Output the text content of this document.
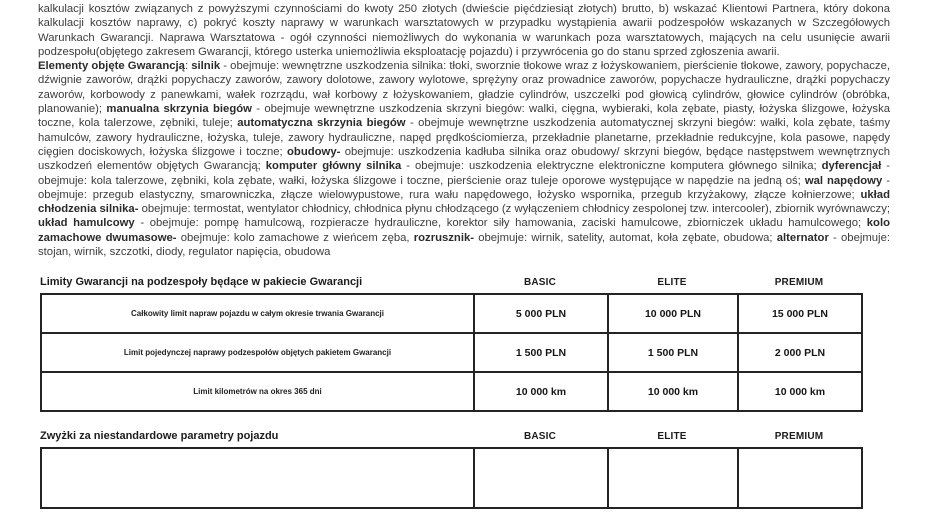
kalkulacji kosztów związanych z powyższymi czynnościami do kwoty 250 złotych (dwieście pięćdziesiąt złotych) brutto, b) wskazać Klientowi Partnera, który dokona kalkulacji kosztów naprawy, c) pokryć koszty naprawy w warunkach warsztatowych w przypadku wystąpienia awarii podzespołów wskazanych w Szczegółowych Warunkach Gwarancji. Naprawa Warsztatowa - ogół czynności niemożliwych do wykonania w warunkach poza warsztatowych, mających na celu usunięcie awarii podzespołu(objętego zakresem Gwarancji, którego usterka uniemożliwia eksploatację pojazdu) i przywrócenia go do stanu sprzed zgłoszenia awarii.

Elementy objęte Gwarancją: silnik - obejmuje: wewnętrzne uszkodzenia silnika: tłoki, sworznie tłokowe wraz z łożyskowaniem, pierścienie tłokowe, zawory, popychacze, dźwignie zaworów, drążki popychaczy zaworów, zawory dolotowe, zawory wylotowe, sprężyny oraz prowadnice zaworów, popychacze hydrauliczne, drążki popychaczy zaworów, korbowody z panewkami, wałek rozrządu, wał korbowy z łożyskowaniem, gładzie cylindrów, uszczelki pod głowicą cylindrów, głowice cylindrów (obróbka, planowanie); manualna skrzynia biegów - obejmuje wewnętrzne uszkodzenia skrzyni biegów: walki, cięgna, wybieraki, kola zębate, piasty, łożyska ślizgowe, łożyska toczne, kola talerzowe, zębniki, tuleje; automatyczna skrzynia biegów - obejmuje wewnętrzne uszkodzenia automatycznej skrzyni biegów: wałki, kola zębate, taśmy hamulców, zawory hydrauliczne, łożyska, tuleje, zawory hydrauliczne, napęd prędkościomierza, przekładnie planetarne, przekładnie redukcyjne, kola pasowe, napędy cięgien dociskowych, łożyska ślizgowe i toczne; obudowy- obejmuje: uszkodzenia kadłuba silnika oraz obudowy/ skrzyni biegów, będące następstwem wewnętrznych uszkodzeń elementów objętych Gwarancją; komputer główny silnika - obejmuje: uszkodzenia elektryczne elektroniczne komputera głównego silnika; dyferencjał - obejmuje: kola talerzowe, zębniki, kola zębate, wałki, łożyska ślizgowe i toczne, pierścienie oraz tuleje oporowe występujące w napędzie na jedną oś; wal napędowy - obejmuje: przegub elastyczny, smarowniczka, złącze wielowypustowe, rura wału napędowego, łożysko wspornika, przegub krzyżakowy, złącze kołnierzowe; układ chłodzenia silnika- obejmuje: termostat, wentylator chłodnicy, chłodnica płynu chłodzącego (z wyłączeniem chłodnicy zespolonej tzw. intercooler), zbiornik wyrównawczy; układ hamulcowy - obejmuje: pompę hamulcową, rozpieracze hydrauliczne, korektor siły hamowania, zaciski hamulcowe, zbiorniczek układu hamulcowego; kolo zamachowe dwumasowe- obejmuje: kolo zamachowe z wieńcem zęba, rozrusznik- obejmuje: wirnik, satelity, automat, koła zębate, obudowa; alternator - obejmuje: stojan, wirnik, szczotki, diody, regulator napięcia, obudowa

Limity Gwarancji na podzespoły będące w pakiecie Gwarancji	BASIC	ELITE	PREMIUM
Całkowity limit napraw pojazdu w całym okresie trwania Gwarancji	5 000 PLN	10 000 PLN	15 000 PLN
Limit pojedynczej naprawy podzespołów objętych pakietem Gwarancji	1 500 PLN	1 500 PLN	2 000 PLN
Limit kilometrów na okres 365 dni	10 000 km	10 000 km	10 000 km
Zwyżki za niestandardowe parametry pojazdu	BASIC	ELITE	PREMIUM
